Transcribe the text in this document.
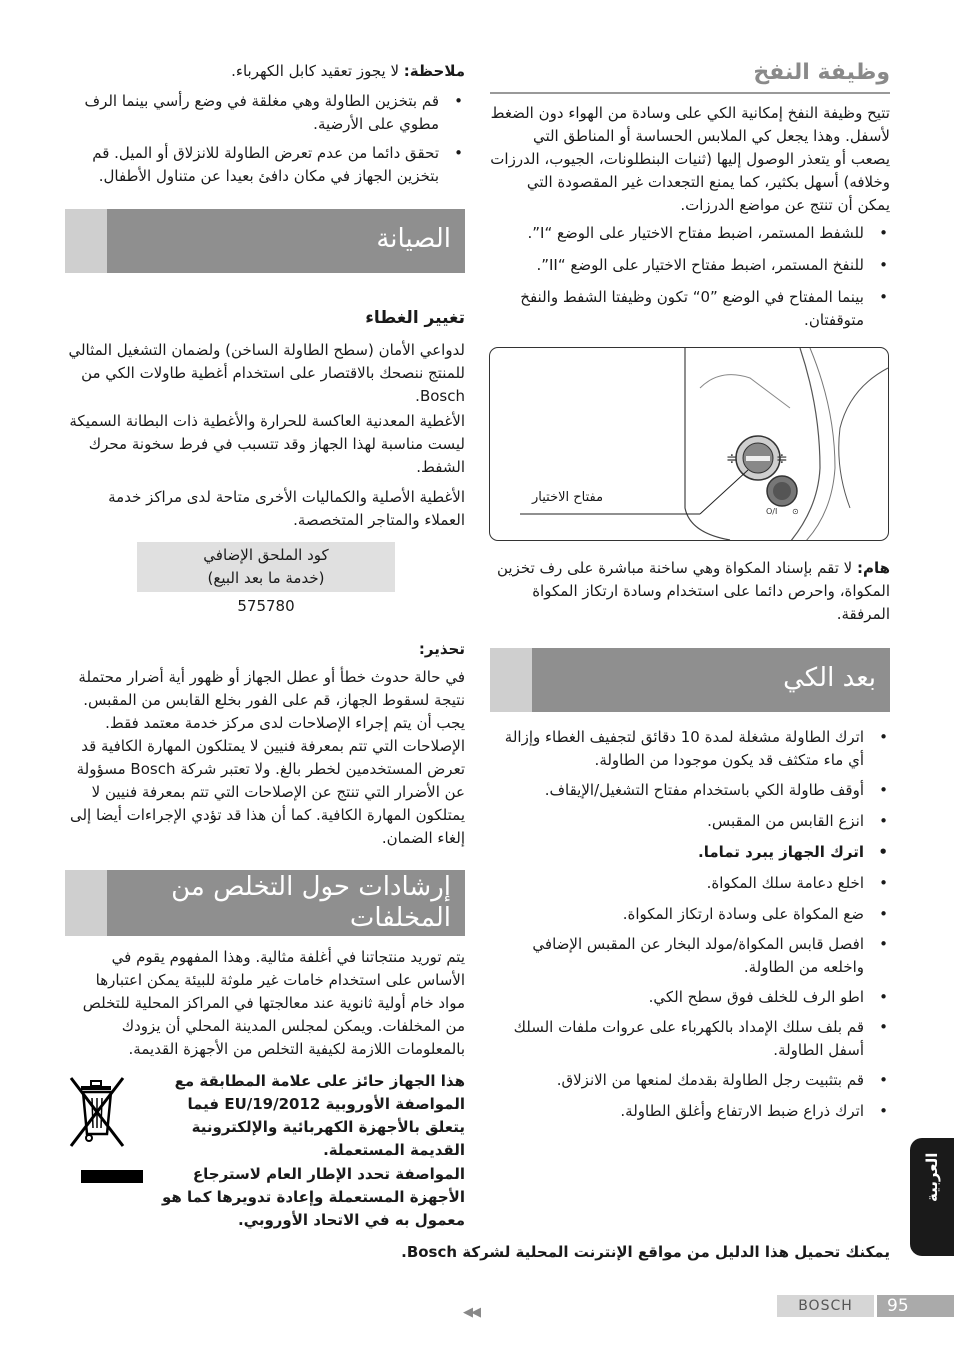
وظيفة النفخ

تتيح وظيفة النفخ إمكانية الكي على وسادة من الهواء دون الضغط لأسفل. وهذا يجعل كي الملابس الحساسة أو المناطق التي يصعب أو يتعذر الوصول إليها (ثنيات البنطلونات، الجيوب، الدرزات وخلافه) أسهل بكثير، كما يمنع التجعدات غير المقصودة التي يمكن أن تنتج عن مواضع الدرزات.

• للشفط المستمر، اضبط مفتاح الاختيار على الوضع “I”.
• للنفخ المستمر، اضبط مفتاح الاختيار على الوضع “II”.
• بينما المفتاح في الوضع ”0“ تكون وظيفتا الشفط والنفخ متوقفتان.

هام: لا تقم بإسناد المكواة وهي ساخنة مباشرة على رف تخزين المكواة، واحرص دائما على استخدام وسادة ارتكاز المكواة المرفقة.

بعد الكي
• اترك الطاولة مشغلة لمدة 10 دقائق لتجفيف الغطاء وإزالة أي ماء متكثف قد يكون موجودا من الطاولة.
• أوقف طاولة الكي باستخدام مفتاح التشغيل/الإيقاف.
• انزع القابس من المقبس.
• اترك الجهاز يبرد تماما.
• اخلع دعامة سلك المكواة.
• ضع المكواة على وسادة ارتكاز المكواة.
• افصل قابس المكواة/مولد البخار عن المقبس الإضافي واخلعه من الطاولة.
• اطو الرف للخلف فوق سطح الكي.
• قم بلف سلك الإمداد بالكهرباء على عروات ملفات السلك أسفل الطاولة.
• قم بتثبيت رجل الطاولة بقدمك لمنعها من الانزلاق.
• اترك ذراع ضبط الارتفاع وأغلق الطاولة.
≑	≑
O/I ⊙
مفتاح الاختيار

ملاحظة: لا يجوز تعقيد كابل الكهرباء.

• قم بتخزين الطاولة وهي مغلقة في وضع رأسي بينما الرف مطوي على الأرضية.
• تحقق دائما من عدم تعرض الطاولة للانزلاق أو الميل. قم بتخزين الجهاز في مكان دافئ بعيدا عن متناول الأطفال.
الصيانة
تغيير الغطاء

لدواعي الأمان (سطح الطاولة الساخن) ولضمان التشغيل المثالي للمنتج ننصحك بالاقتصار على استخدام أغطية طاولات الكي من Bosch.

الأغطية المعدنية العاكسة للحرارة والأغطية ذات البطانة السميكة ليست مناسبة لهذا الجهاز وقد تتسبب في فرط سخونة محرك الشفط.

الأغطية الأصلية والكماليات الأخرى متاحة لدى مراكز خدمة العملاء والمتاجر المتخصصة.

كود الملحق الإضافي
(خدمة ما بعد البيع)
575780

تحذير:

في حالة حدوث خطأ أو عطل الجهاز أو ظهور أية أضرار محتملة نتيجة لسقوط الجهاز، قم على الفور بخلع القابس من المقبس. يجب أن يتم إجراء الإصلاحات لدى مركز خدمة معتمد فقط. الإصلاحات التي تتم بمعرفة فنيين لا يمتلكون المهارة الكافية قد تعرض المستخدمين لخطر بالغ. ولا تعتبر شركة Bosch مسؤولة عن الأضرار التي تنتج عن الإصلاحات التي تتم بمعرفة فنيين لا يمتلكون المهارة الكافية. كما أن هذا قد تؤدي الإجراءات أيضا إلى إلغاء الضمان.

إرشادات حول التخلص من المخلفات

يتم توريد منتجاتنا في أغلفة مثالية. وهذا المفهوم يقوم في الأساس على استخدام خامات غير ملوثة للبيئة يمكن اعتبارها مواد خام أولية ثانوية عند معالجتها في المراكز المحلية للتخلص من المخلفات. ويمكن لمجلس المدينة المحلي أن يزودك بالمعلومات اللازمة لكيفية التخلص من الأجهزة القديمة.

هذا الجهاز حائز على علامة المطابقة مع المواصفة الأوروبية EU/19/2012 فيما يتعلق بالأجهزة الكهربائية والإلكترونية القديمة المستعملة.
المواصفة تحدد الإطار العام لاسترجاع الأجهزة المستعملة وإعادة تدويرها كما هو معمول به في الاتحاد الأوروبي.
العربية
يمكنك تحميل هذا الدليل من مواقع الإنترنت المحلية لشركة Bosch.
◀◀	BOSCH	95
